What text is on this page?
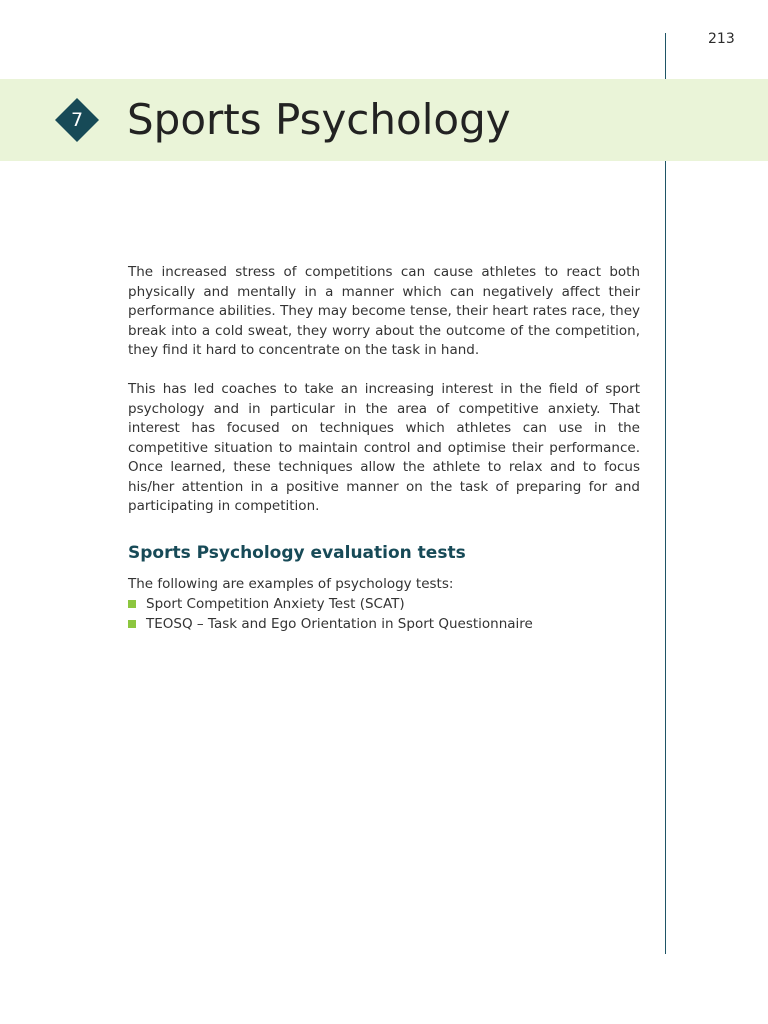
213
7	Sports Psychology

The increased stress of competitions can cause athletes to react both physically and mentally in a manner which can negatively affect their performance abilities. They may become tense, their heart rates race, they break into a cold sweat, they worry about the outcome of the competition, they find it hard to concentrate on the task in hand.

This has led coaches to take an increasing interest in the field of sport psychology and in particular in the area of competitive anxiety. That interest has focused on techniques which athletes can use in the competitive situation to maintain control and optimise their performance. Once learned, these techniques allow the athlete to relax and to focus his/her attention in a positive manner on the task of preparing for and participating in competition.

Sports Psychology evaluation tests

The following are examples of psychology tests:

Sport Competition Anxiety Test (SCAT)
TEOSQ – Task and Ego Orientation in Sport Questionnaire
